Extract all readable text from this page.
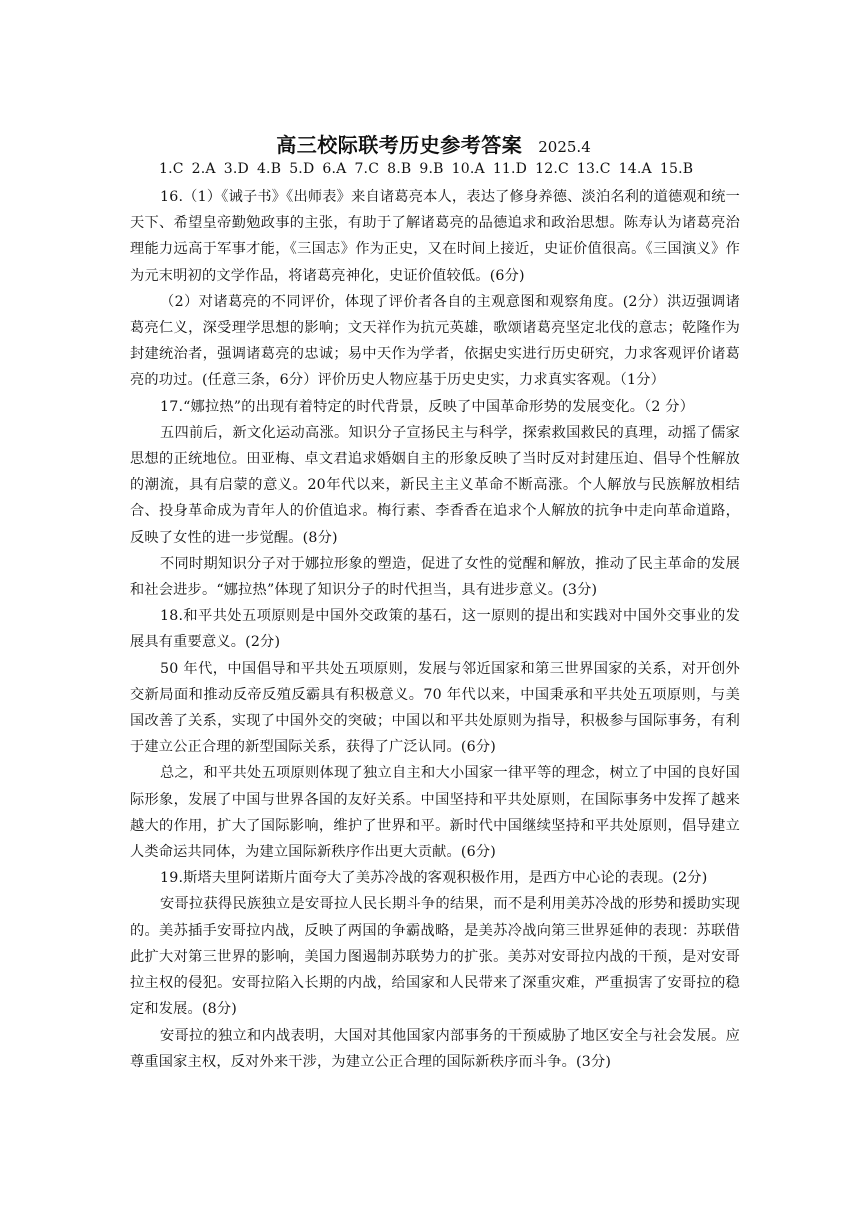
高三校际联考历史参考答案 2025.4
1.C 2.A 3.D 4.B 5.D 6.A 7.C 8.B 9.B 10.A 11.D 12.C 13.C 14.A 15.B

16.（1）《诫子书》《出师表》来自诸葛亮本人，表达了修身养德、淡泊名利的道德观和统一天下、希望皇帝勤勉政事的主张，有助于了解诸葛亮的品德追求和政治思想。陈寿认为诸葛亮治理能力远高于军事才能，《三国志》作为正史，又在时间上接近，史证价值很高。《三国演义》作为元末明初的文学作品，将诸葛亮神化，史证价值较低。(6分)

（2）对诸葛亮的不同评价，体现了评价者各自的主观意图和观察角度。(2分）洪迈强调诸葛亮仁义，深受理学思想的影响；文天祥作为抗元英雄，歌颂诸葛亮坚定北伐的意志；乾隆作为封建统治者，强调诸葛亮的忠诚；易中天作为学者，依据史实进行历史研究，力求客观评价诸葛亮的功过。(任意三条，6分）评价历史人物应基于历史史实，力求真实客观。（1分）

17.“娜拉热”的出现有着特定的时代背景，反映了中国革命形势的发展变化。（2 分）

五四前后，新文化运动高涨。知识分子宣扬民主与科学，探索救国救民的真理，动摇了儒家思想的正统地位。田亚梅、卓文君追求婚姻自主的形象反映了当时反对封建压迫、倡导个性解放的潮流，具有启蒙的意义。20年代以来，新民主主义革命不断高涨。个人解放与民族解放相结合、投身革命成为青年人的价值追求。梅行素、李香香在追求个人解放的抗争中走向革命道路，反映了女性的进一步觉醒。(8分)

不同时期知识分子对于娜拉形象的塑造，促进了女性的觉醒和解放，推动了民主革命的发展和社会进步。“娜拉热”体现了知识分子的时代担当，具有进步意义。(3分)

18.和平共处五项原则是中国外交政策的基石，这一原则的提出和实践对中国外交事业的发展具有重要意义。(2分)

50 年代，中国倡导和平共处五项原则，发展与邻近国家和第三世界国家的关系，对开创外交新局面和推动反帝反殖反霸具有积极意义。70 年代以来，中国秉承和平共处五项原则，与美国改善了关系，实现了中国外交的突破；中国以和平共处原则为指导，积极参与国际事务，有利于建立公正合理的新型国际关系，获得了广泛认同。(6分)

总之，和平共处五项原则体现了独立自主和大小国家一律平等的理念，树立了中国的良好国际形象，发展了中国与世界各国的友好关系。中国坚持和平共处原则，在国际事务中发挥了越来越大的作用，扩大了国际影响，维护了世界和平。新时代中国继续坚持和平共处原则，倡导建立人类命运共同体，为建立国际新秩序作出更大贡献。(6分)

19.斯塔夫里阿诺斯片面夸大了美苏冷战的客观积极作用，是西方中心论的表现。(2分)

安哥拉获得民族独立是安哥拉人民长期斗争的结果，而不是利用美苏冷战的形势和援助实现的。美苏插手安哥拉内战，反映了两国的争霸战略，是美苏冷战向第三世界延伸的表现：苏联借此扩大对第三世界的影响，美国力图遏制苏联势力的扩张。美苏对安哥拉内战的干预，是对安哥拉主权的侵犯。安哥拉陷入长期的内战，给国家和人民带来了深重灾难，严重损害了安哥拉的稳定和发展。(8分)

安哥拉的独立和内战表明，大国对其他国家内部事务的干预威胁了地区安全与社会发展。应尊重国家主权，反对外来干涉，为建立公正合理的国际新秩序而斗争。(3分)
